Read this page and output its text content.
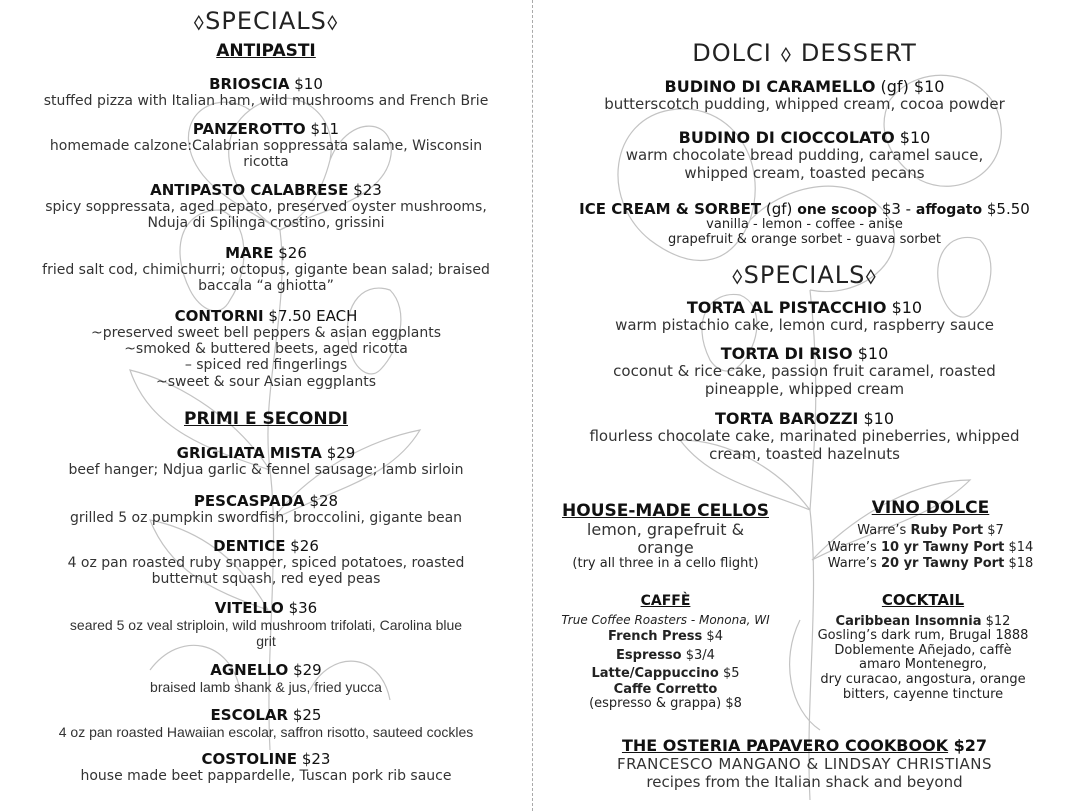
⬨SPECIALS⬨
ANTIPASTI
BRIOSCIA $10
stuffed pizza with Italian ham, wild mushrooms and French Brie
PANZEROTTO $11
homemade calzone:Calabrian soppressata salame, Wisconsin
ricotta
ANTIPASTO CALABRESE $23
spicy soppressata, aged pepato, preserved oyster mushrooms,
Nduja di Spilinga crostino, grissini
MARE $26
fried salt cod, chimichurri; octopus, gigante bean salad; braised
baccala “a ghiotta”
CONTORNI $7.50 EACH
~preserved sweet bell peppers & asian eggplants
~smoked & buttered beets, aged ricotta
– spiced red fingerlings
~sweet & sour Asian eggplants
PRIMI E SECONDI
GRIGLIATA MISTA $29
beef hanger; Ndjua garlic & fennel sausage; lamb sirloin
PESCASPADA $28
grilled 5 oz pumpkin swordfish, broccolini, gigante bean
DENTICE $26
4 oz pan roasted ruby snapper, spiced potatoes, roasted
butternut squash, red eyed peas
VITELLO $36
seared 5 oz veal striploin, wild mushroom trifolati, Carolina blue
grit
AGNELLO $29
braised lamb shank & jus, fried yucca
ESCOLAR $25
4 oz pan roasted Hawaiian escolar, saffron risotto, sauteed cockles
COSTOLINE $23
house made beet pappardelle, Tuscan pork rib sauce
DOLCI ⬨ DESSERT
BUDINO DI CARAMELLO (gf) $10
butterscotch pudding, whipped cream, cocoa powder
BUDINO DI CIOCCOLATO $10
warm chocolate bread pudding, caramel sauce,
whipped cream, toasted pecans
ICE CREAM & SORBET (gf) one scoop $3 - affogato $5.50
vanilla - lemon - coffee - anise
grapefruit & orange sorbet - guava sorbet
⬨SPECIALS⬨
TORTA AL PISTACCHIO $10
warm pistachio cake, lemon curd, raspberry sauce
TORTA DI RISO $10
coconut & rice cake, passion fruit caramel, roasted
pineapple, whipped cream
TORTA BAROZZI $10
flourless chocolate cake, marinated pineberries, whipped
cream, toasted hazelnuts
HOUSE-MADE CELLOS
lemon, grapefruit &
orange
(try all three in a cello flight)
VINO DOLCE
Warre’s Ruby Port $7
Warre’s 10 yr Tawny Port $14
Warre’s 20 yr Tawny Port $18
CAFFÈ
True Coffee Roasters - Monona, WI
French Press $4
Espresso $3/4
Latte/Cappuccino $5
Caffe Corretto
(espresso & grappa) $8
COCKTAIL
Caribbean Insomnia $12
Gosling’s dark rum, Brugal 1888
Doblemente Añejado, caffè
amaro Montenegro,
dry curacao, angostura, orange
bitters, cayenne tincture
THE OSTERIA PAPAVERO COOKBOOK $27
FRANCESCO MANGANO & LINDSAY CHRISTIANS
recipes from the Italian shack and beyond
